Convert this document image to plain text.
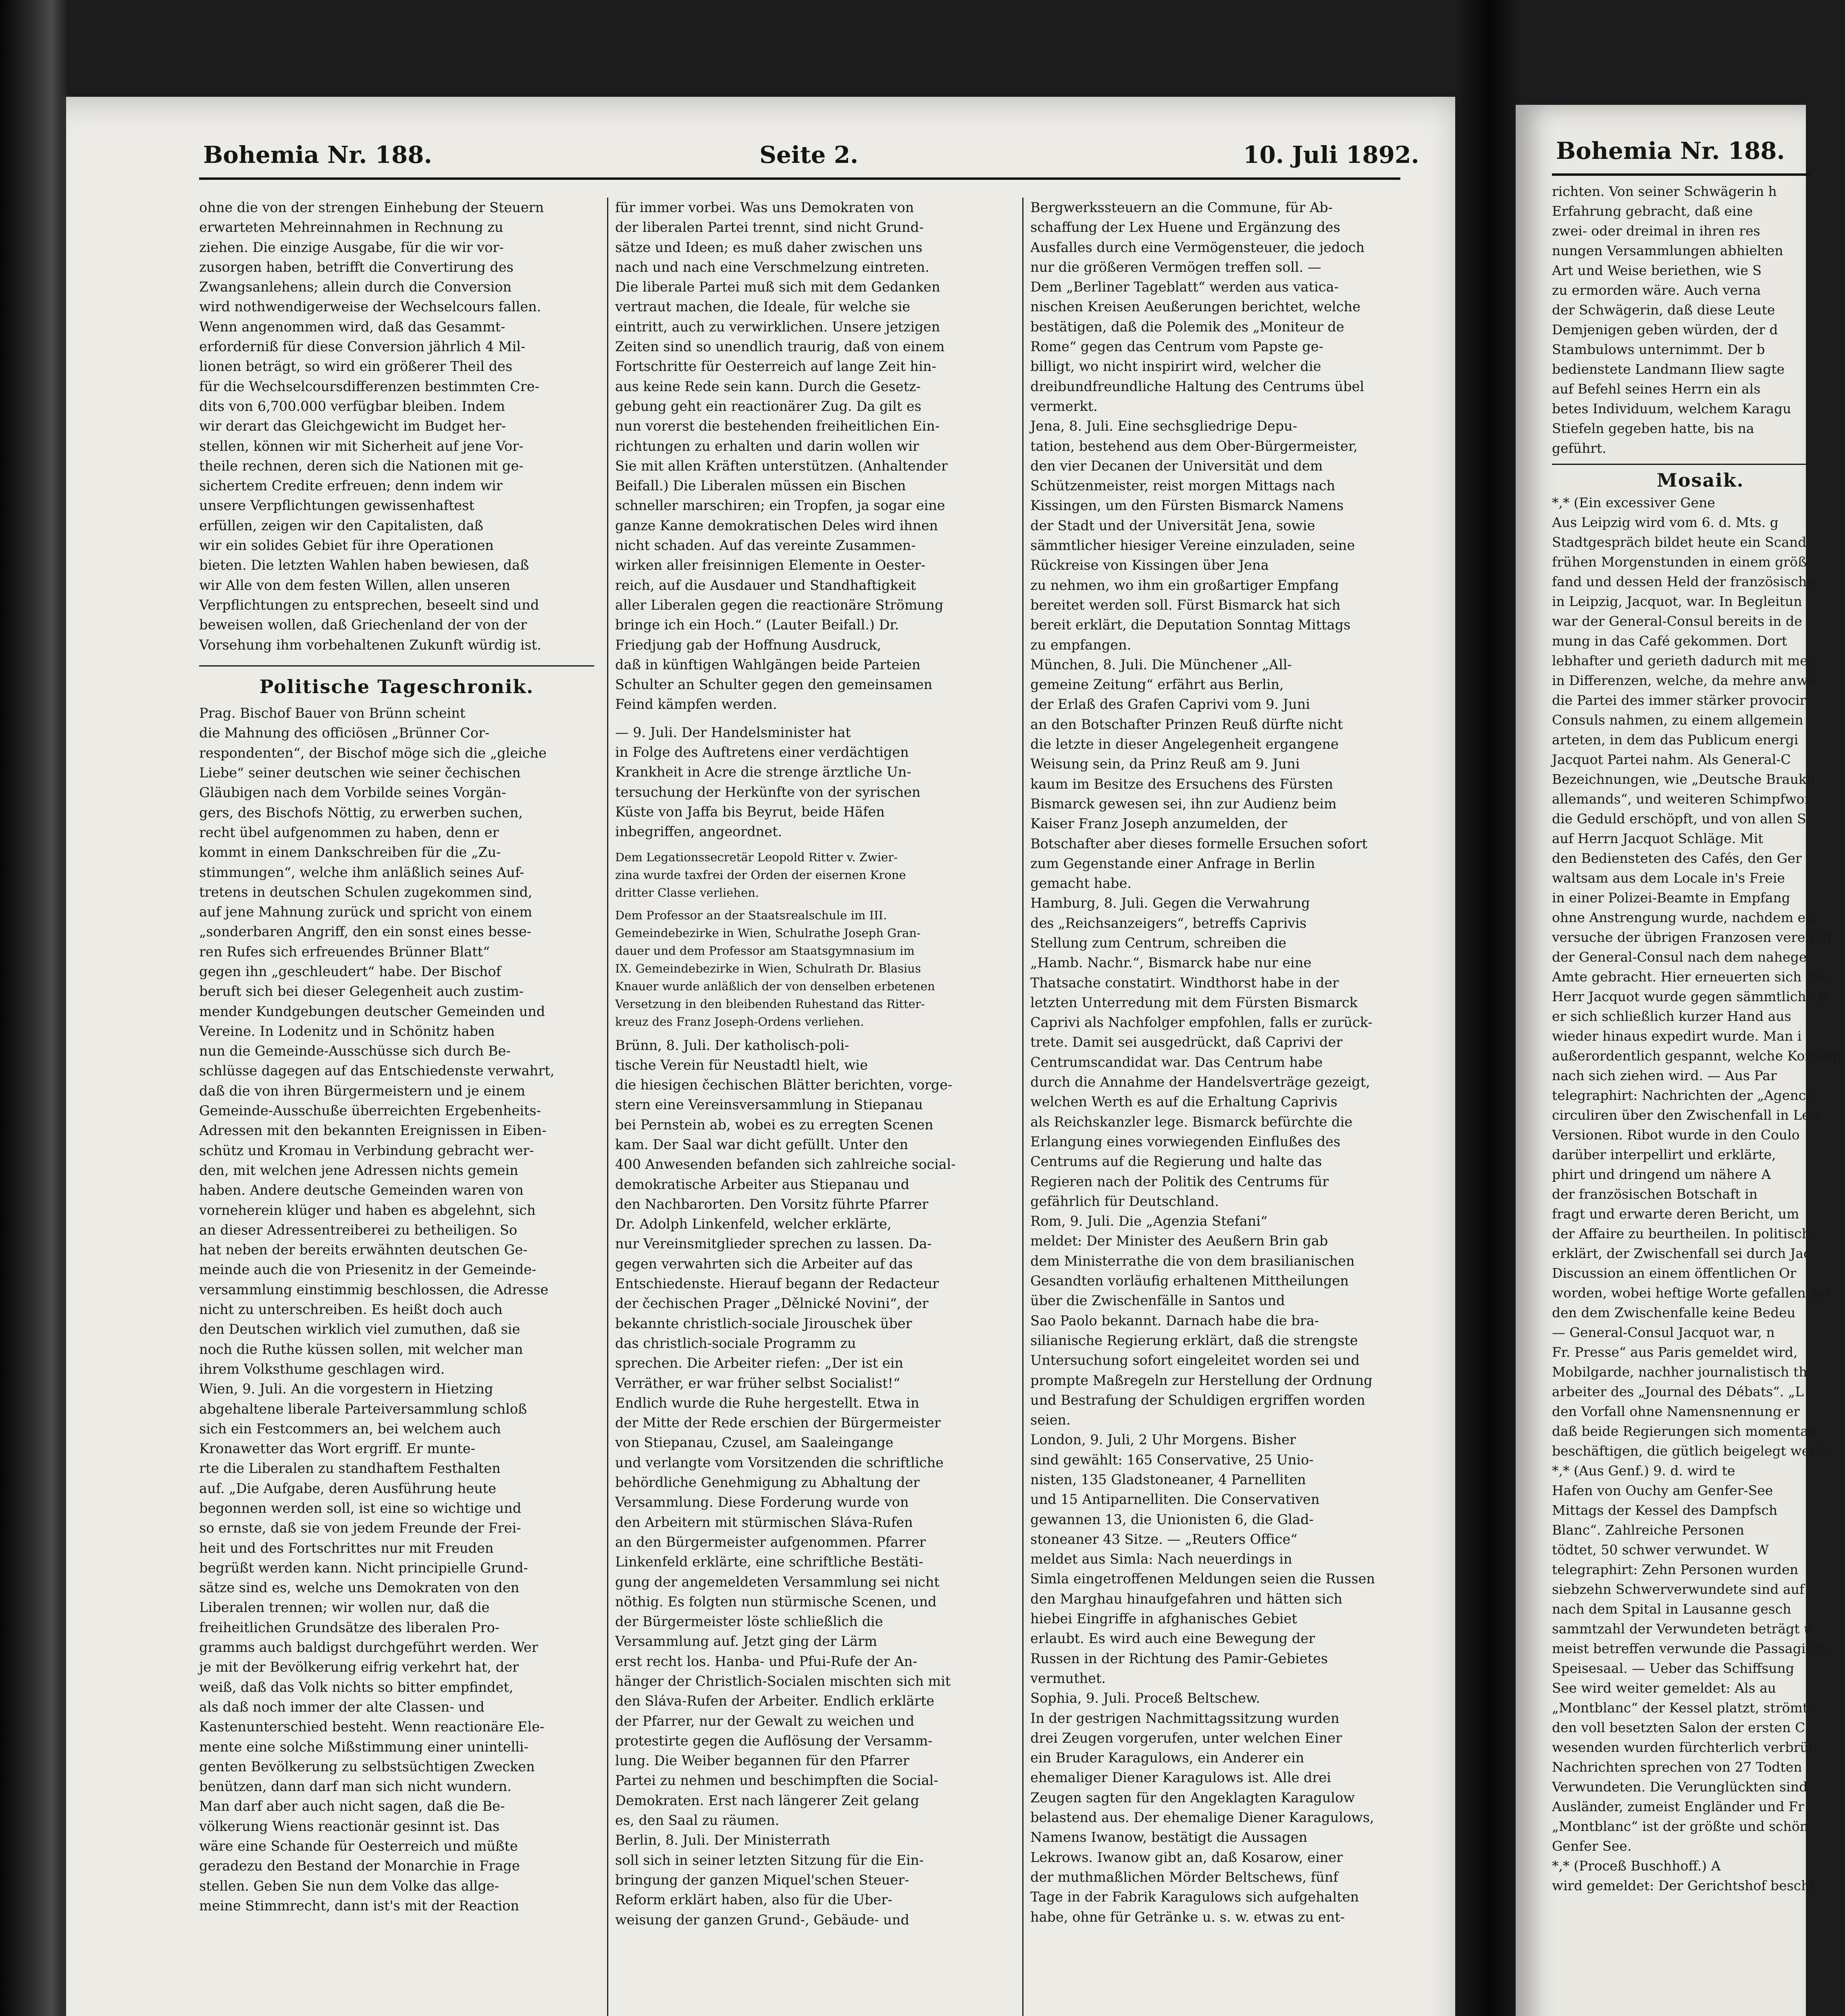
Bohemia Nr. 188.	Seite 2.	10. Juli 1892.
ohne die von der strengen Einhebung der Steuern
erwarteten Mehreinnahmen in Rechnung zu
ziehen. Die einzige Ausgabe, für die wir vor-
zusorgen haben, betrifft die Convertirung des
Zwangsanlehens; allein durch die Conversion
wird nothwendigerweise der Wechselcours fallen.
Wenn angenommen wird, daß das Gesammt-
erforderniß für diese Conversion jährlich 4 Mil-
lionen beträgt, so wird ein größerer Theil des
für die Wechselcoursdifferenzen bestimmten Cre-
dits von 6,700.000 verfügbar bleiben. Indem
wir derart das Gleichgewicht im Budget her-
stellen, können wir mit Sicherheit auf jene Vor-
theile rechnen, deren sich die Nationen mit ge-
sichertem Credite erfreuen; denn indem wir
unsere Verpflichtungen gewissenhaftest
erfüllen, zeigen wir den Capitalisten, daß
wir ein solides Gebiet für ihre Operationen
bieten. Die letzten Wahlen haben bewiesen, daß
wir Alle von dem festen Willen, allen unseren
Verpflichtungen zu entsprechen, beseelt sind und
beweisen wollen, daß Griechenland der von der
Vorsehung ihm vorbehaltenen Zukunft würdig ist.
Politische Tageschronik.
Prag. Bischof Bauer von Brünn scheint
die Mahnung des officiösen „Brünner Cor-
respondenten“, der Bischof möge sich die „gleiche
Liebe“ seiner deutschen wie seiner čechischen
Gläubigen nach dem Vorbilde seines Vorgän-
gers, des Bischofs Nöttig, zu erwerben suchen,
recht übel aufgenommen zu haben, denn er
kommt in einem Dankschreiben für die „Zu-
stimmungen“, welche ihm anläßlich seines Auf-
tretens in deutschen Schulen zugekommen sind,
auf jene Mahnung zurück und spricht von einem
„sonderbaren Angriff, den ein sonst eines besse-
ren Rufes sich erfreuendes Brünner Blatt“
gegen ihn „geschleudert“ habe. Der Bischof
beruft sich bei dieser Gelegenheit auch zustim-
mender Kundgebungen deutscher Gemeinden und
Vereine. In Lodenitz und in Schönitz haben
nun die Gemeinde-Ausschüsse sich durch Be-
schlüsse dagegen auf das Entschiedenste verwahrt,
daß die von ihren Bürgermeistern und je einem
Gemeinde-Ausschuße überreichten Ergebenheits-
Adressen mit den bekannten Ereignissen in Eiben-
schütz und Kromau in Verbindung gebracht wer-
den, mit welchen jene Adressen nichts gemein
haben. Andere deutsche Gemeinden waren von
vorneherein klüger und haben es abgelehnt, sich
an dieser Adressentreiberei zu betheiligen. So
hat neben der bereits erwähnten deutschen Ge-
meinde auch die von Priesenitz in der Gemeinde-
versammlung einstimmig beschlossen, die Adresse
nicht zu unterschreiben. Es heißt doch auch
den Deutschen wirklich viel zumuthen, daß sie
noch die Ruthe küssen sollen, mit welcher man
ihrem Volksthume geschlagen wird.
Wien, 9. Juli. An die vorgestern in Hietzing
abgehaltene liberale Parteiversammlung schloß
sich ein Festcommers an, bei welchem auch
Kronawetter das Wort ergriff. Er munte-
rte die Liberalen zu standhaftem Festhalten
auf. „Die Aufgabe, deren Ausführung heute
begonnen werden soll, ist eine so wichtige und
so ernste, daß sie von jedem Freunde der Frei-
heit und des Fortschrittes nur mit Freuden
begrüßt werden kann. Nicht principielle Grund-
sätze sind es, welche uns Demokraten von den
Liberalen trennen; wir wollen nur, daß die
freiheitlichen Grundsätze des liberalen Pro-
gramms auch baldigst durchgeführt werden. Wer
je mit der Bevölkerung eifrig verkehrt hat, der
weiß, daß das Volk nichts so bitter empfindet,
als daß noch immer der alte Classen- und
Kastenunterschied besteht. Wenn reactionäre Ele-
mente eine solche Mißstimmung einer unintelli-
genten Bevölkerung zu selbstsüchtigen Zwecken
benützen, dann darf man sich nicht wundern.
Man darf aber auch nicht sagen, daß die Be-
völkerung Wiens reactionär gesinnt ist. Das
wäre eine Schande für Oesterreich und müßte
geradezu den Bestand der Monarchie in Frage
stellen. Geben Sie nun dem Volke das allge-
meine Stimmrecht, dann ist's mit der Reaction
für immer vorbei. Was uns Demokraten von
der liberalen Partei trennt, sind nicht Grund-
sätze und Ideen; es muß daher zwischen uns
nach und nach eine Verschmelzung eintreten.
Die liberale Partei muß sich mit dem Gedanken
vertraut machen, die Ideale, für welche sie
eintritt, auch zu verwirklichen. Unsere jetzigen
Zeiten sind so unendlich traurig, daß von einem
Fortschritte für Oesterreich auf lange Zeit hin-
aus keine Rede sein kann. Durch die Gesetz-
gebung geht ein reactionärer Zug. Da gilt es
nun vorerst die bestehenden freiheitlichen Ein-
richtungen zu erhalten und darin wollen wir
Sie mit allen Kräften unterstützen. (Anhaltender
Beifall.) Die Liberalen müssen ein Bischen
schneller marschiren; ein Tropfen, ja sogar eine
ganze Kanne demokratischen Deles wird ihnen
nicht schaden. Auf das vereinte Zusammen-
wirken aller freisinnigen Elemente in Oester-
reich, auf die Ausdauer und Standhaftigkeit
aller Liberalen gegen die reactionäre Strömung
bringe ich ein Hoch.“ (Lauter Beifall.) Dr.
Friedjung gab der Hoffnung Ausdruck,
daß in künftigen Wahlgängen beide Parteien
Schulter an Schulter gegen den gemeinsamen
Feind kämpfen werden.
— 9. Juli. Der Handelsminister hat
in Folge des Auftretens einer verdächtigen
Krankheit in Acre die strenge ärztliche Un-
tersuchung der Herkünfte von der syrischen
Küste von Jaffa bis Beyrut, beide Häfen
inbegriffen, angeordnet.
Dem Legationssecretär Leopold Ritter v. Zwier-
zina wurde taxfrei der Orden der eisernen Krone
dritter Classe verliehen.
Dem Professor an der Staatsrealschule im III.
Gemeindebezirke in Wien, Schulrathe Joseph Gran-
dauer und dem Professor am Staatsgymnasium im
IX. Gemeindebezirke in Wien, Schulrath Dr. Blasius
Knauer wurde anläßlich der von denselben erbetenen
Versetzung in den bleibenden Ruhestand das Ritter-
kreuz des Franz Joseph-Ordens verliehen.
Brünn, 8. Juli. Der katholisch-poli-
tische Verein für Neustadtl hielt, wie
die hiesigen čechischen Blätter berichten, vorge-
stern eine Vereinsversammlung in Stiepanau
bei Pernstein ab, wobei es zu erregten Scenen
kam. Der Saal war dicht gefüllt. Unter den
400 Anwesenden befanden sich zahlreiche social-
demokratische Arbeiter aus Stiepanau und
den Nachbarorten. Den Vorsitz führte Pfarrer
Dr. Adolph Linkenfeld, welcher erklärte,
nur Vereinsmitglieder sprechen zu lassen. Da-
gegen verwahrten sich die Arbeiter auf das
Entschiedenste. Hierauf begann der Redacteur
der čechischen Prager „Dělnické Novini“, der
bekannte christlich-sociale Jirouschek über
das christlich-sociale Programm zu
sprechen. Die Arbeiter riefen: „Der ist ein
Verräther, er war früher selbst Socialist!“
Endlich wurde die Ruhe hergestellt. Etwa in
der Mitte der Rede erschien der Bürgermeister
von Stiepanau, Czusel, am Saaleingange
und verlangte vom Vorsitzenden die schriftliche
behördliche Genehmigung zu Abhaltung der
Versammlung. Diese Forderung wurde von
den Arbeitern mit stürmischen Sláva-Rufen
an den Bürgermeister aufgenommen. Pfarrer
Linkenfeld erklärte, eine schriftliche Bestäti-
gung der angemeldeten Versammlung sei nicht
nöthig. Es folgten nun stürmische Scenen, und
der Bürgermeister löste schließlich die
Versammlung auf. Jetzt ging der Lärm
erst recht los. Hanba- und Pfui-Rufe der An-
hänger der Christlich-Socialen mischten sich mit
den Sláva-Rufen der Arbeiter. Endlich erklärte
der Pfarrer, nur der Gewalt zu weichen und
protestirte gegen die Auflösung der Versamm-
lung. Die Weiber begannen für den Pfarrer
Partei zu nehmen und beschimpften die Social-
Demokraten. Erst nach längerer Zeit gelang
es, den Saal zu räumen.
Berlin, 8. Juli. Der Ministerrath
soll sich in seiner letzten Sitzung für die Ein-
bringung der ganzen Miquel'schen Steuer-
Reform erklärt haben, also für die Uber-
weisung der ganzen Grund-, Gebäude- und
Bergwerkssteuern an die Commune, für Ab-
schaffung der Lex Huene und Ergänzung des
Ausfalles durch eine Vermögensteuer, die jedoch
nur die größeren Vermögen treffen soll. —
Dem „Berliner Tageblatt“ werden aus vatica-
nischen Kreisen Aeußerungen berichtet, welche
bestätigen, daß die Polemik des „Moniteur de
Rome“ gegen das Centrum vom Papste ge-
billigt, wo nicht inspirirt wird, welcher die
dreibundfreundliche Haltung des Centrums übel
vermerkt.
Jena, 8. Juli. Eine sechsgliedrige Depu-
tation, bestehend aus dem Ober-Bürgermeister,
den vier Decanen der Universität und dem
Schützenmeister, reist morgen Mittags nach
Kissingen, um den Fürsten Bismarck Namens
der Stadt und der Universität Jena, sowie
sämmtlicher hiesiger Vereine einzuladen, seine
Rückreise von Kissingen über Jena
zu nehmen, wo ihm ein großartiger Empfang
bereitet werden soll. Fürst Bismarck hat sich
bereit erklärt, die Deputation Sonntag Mittags
zu empfangen.
München, 8. Juli. Die Münchener „All-
gemeine Zeitung“ erfährt aus Berlin,
der Erlaß des Grafen Caprivi vom 9. Juni
an den Botschafter Prinzen Reuß dürfte nicht
die letzte in dieser Angelegenheit ergangene
Weisung sein, da Prinz Reuß am 9. Juni
kaum im Besitze des Ersuchens des Fürsten
Bismarck gewesen sei, ihn zur Audienz beim
Kaiser Franz Joseph anzumelden, der
Botschafter aber dieses formelle Ersuchen sofort
zum Gegenstande einer Anfrage in Berlin
gemacht habe.
Hamburg, 8. Juli. Gegen die Verwahrung
des „Reichsanzeigers“, betreffs Caprivis
Stellung zum Centrum, schreiben die
„Hamb. Nachr.“, Bismarck habe nur eine
Thatsache constatirt. Windthorst habe in der
letzten Unterredung mit dem Fürsten Bismarck
Caprivi als Nachfolger empfohlen, falls er zurück-
trete. Damit sei ausgedrückt, daß Caprivi der
Centrumscandidat war. Das Centrum habe
durch die Annahme der Handelsverträge gezeigt,
welchen Werth es auf die Erhaltung Caprivis
als Reichskanzler lege. Bismarck befürchte die
Erlangung eines vorwiegenden Einflußes des
Centrums auf die Regierung und halte das
Regieren nach der Politik des Centrums für
gefährlich für Deutschland.
Rom, 9. Juli. Die „Agenzia Stefani“
meldet: Der Minister des Aeußern Brin gab
dem Ministerrathe die von dem brasilianischen
Gesandten vorläufig erhaltenen Mittheilungen
über die Zwischenfälle in Santos und
Sao Paolo bekannt. Darnach habe die bra-
silianische Regierung erklärt, daß die strengste
Untersuchung sofort eingeleitet worden sei und
prompte Maßregeln zur Herstellung der Ordnung
und Bestrafung der Schuldigen ergriffen worden
seien.
London, 9. Juli, 2 Uhr Morgens. Bisher
sind gewählt: 165 Conservative, 25 Unio-
nisten, 135 Gladstoneaner, 4 Parnelliten
und 15 Antiparnelliten. Die Conservativen
gewannen 13, die Unionisten 6, die Glad-
stoneaner 43 Sitze. — „Reuters Office“
meldet aus Simla: Nach neuerdings in
Simla eingetroffenen Meldungen seien die Russen
den Marghau hinaufgefahren und hätten sich
hiebei Eingriffe in afghanisches Gebiet
erlaubt. Es wird auch eine Bewegung der
Russen in der Richtung des Pamir-Gebietes
vermuthet.
Sophia, 9. Juli. Proceß Beltschew.
In der gestrigen Nachmittagssitzung wurden
drei Zeugen vorgerufen, unter welchen Einer
ein Bruder Karagulows, ein Anderer ein
ehemaliger Diener Karagulows ist. Alle drei
Zeugen sagten für den Angeklagten Karagulow
belastend aus. Der ehemalige Diener Karagulows,
Namens Iwanow, bestätigt die Aussagen
Lekrows. Iwanow gibt an, daß Kosarow, einer
der muthmaßlichen Mörder Beltschews, fünf
Tage in der Fabrik Karagulows sich aufgehalten
habe, ohne für Getränke u. s. w. etwas zu ent-
Bohemia Nr. 188.
richten. Von seiner Schwägerin h
Erfahrung gebracht, daß eine
zwei- oder dreimal in ihren res
nungen Versammlungen abhielten
Art und Weise beriethen, wie S
zu ermorden wäre. Auch verna
der Schwägerin, daß diese Leute
Demjenigen geben würden, der d
Stambulows unternimmt. Der b
bedienstete Landmann Iliew sagte
auf Befehl seines Herrn ein als
betes Individuum, welchem Karagu
Stiefeln gegeben hatte, bis na
geführt.
Mosaik.
*,* (Ein excessiver Gene
Aus Leipzig wird vom 6. d. Mts. g
Stadtgespräch bildet heute ein Scand
frühen Morgenstunden in einem größ
fand und dessen Held der französische
in Leipzig, Jacquot, war. In Begleitun
war der General-Consul bereits in de
mung in das Café gekommen. Dort
lebhafter und gerieth dadurch mit meh
in Differenzen, welche, da mehre anwe
die Partei des immer stärker provocir
Consuls nahmen, zu einem allgemein
arteten, in dem das Publicum energi
Jacquot Partei nahm. Als General-C
Bezeichnungen, wie „Deutsche Braukn
allemands“, und weiteren Schimpfwor
die Geduld erschöpft, und von allen S
auf Herrn Jacquot Schläge. Mit
den Bediensteten des Cafés, den Ger
waltsam aus dem Locale in's Freie
in einer Polizei-Beamte in Empfang
ohne Anstrengung wurde, nachdem ein
versuche der übrigen Franzosen vereitelt
der General-Consul nach dem nahege
Amte gebracht. Hier erneuerten sich die
Herr Jacquot wurde gegen sämmtliche B
er sich schließlich kurzer Hand aus
wieder hinaus expedirt wurde. Man i
außerordentlich gespannt, welche Konsequ
nach sich ziehen wird. — Aus Par
telegraphirt: Nachrichten der „Agence
circuliren über den Zwischenfall in Leip
Versionen. Ribot wurde in den Coulo
darüber interpellirt und erklärte,
phirt und dringend um nähere A
der französischen Botschaft in
fragt und erwarte deren Bericht, um
der Affaire zu beurtheilen. In politisch
erklärt, der Zwischenfall sei durch Jac
Discussion an einem öffentlichen Or
worden, wobei heftige Worte gefallen sei
den dem Zwischenfalle keine Bedeu
— General-Consul Jacquot war, n
Fr. Presse“ aus Paris gemeldet wird,
Mobilgarde, nachher journalistisch th
arbeiter des „Journal des Débats“. „L
den Vorfall ohne Namensnennung er
daß beide Regierungen sich momentan
beschäftigen, die gütlich beigelegt werde
*,* (Aus Genf.) 9. d. wird te
Hafen von Ouchy am Genfer-See
Mittags der Kessel des Dampfsch
Blanc“. Zahlreiche Personen
tödtet, 50 schwer verwundet. W
telegraphirt: Zehn Personen wurden
siebzehn Schwerverwundete sind auf
nach dem Spital in Lausanne gesch
sammtzahl der Verwundeten beträgt ü
meist betreffen verwunde die Passagiere
Speisesaal. — Ueber das Schiffsung
See wird weiter gemeldet: Als au
„Montblanc“ der Kessel platzt, strömte
den voll besetzten Salon der ersten C
wesenden wurden fürchterlich verbrüh
Nachrichten sprechen von 27 Todten
Verwundeten. Die Verunglückten sind
Ausländer, zumeist Engländer und Fr
„Montblanc“ ist der größte und schön
Genfer See.
*,* (Proceß Buschhoff.) A
wird gemeldet: Der Gerichtshof beschl
